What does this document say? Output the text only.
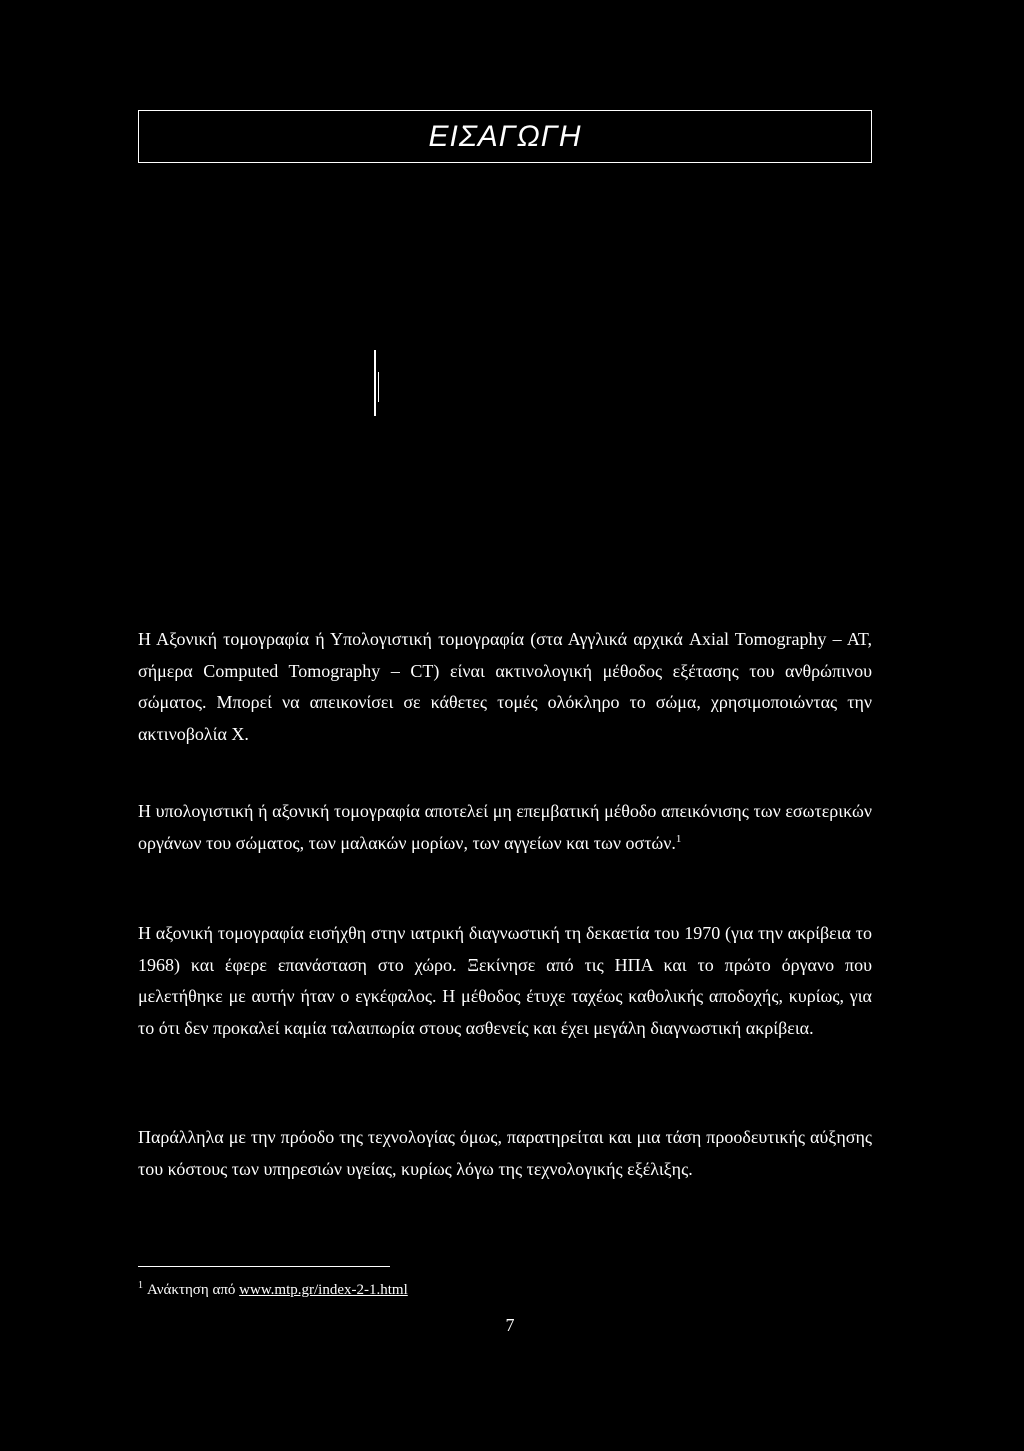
ΕΙΣΑΓΩΓΗ

Η Αξονική τομογραφία ή Υπολογιστική τομογραφία (στα Αγγλικά αρχικά Axial Tomography – AT, σήμερα Computed Tomography – CT) είναι ακτινολογική μέθοδος εξέτασης του ανθρώπινου σώματος. Μπορεί να απεικονίσει σε κάθετες τομές ολόκληρο το σώμα, χρησιμοποιώντας την ακτινοβολία Χ.

Η υπολογιστική ή αξονική τομογραφία αποτελεί μη επεμβατική μέθοδο απεικόνισης των εσωτερικών οργάνων του σώματος, των μαλακών μορίων, των αγγείων και των οστών.$^1$

Η αξονική τομογραφία εισήχθη στην ιατρική διαγνωστική τη δεκαετία του 1970 (για την ακρίβεια το 1968) και έφερε επανάσταση στο χώρο. Ξεκίνησε από τις ΗΠΑ και το πρώτο όργανο που μελετήθηκε με αυτήν ήταν ο εγκέφαλος. Η μέθοδος έτυχε ταχέως καθολικής αποδοχής, κυρίως, για το ότι δεν προκαλεί καμία ταλαιπωρία στους ασθενείς και έχει μεγάλη διαγνωστική ακρίβεια.

Παράλληλα με την πρόοδο της τεχνολογίας όμως, παρατηρείται και μια τάση προοδευτικής αύξησης του κόστους των υπηρεσιών υγείας, κυρίως λόγω της τεχνολογικής εξέλιξης.

$^1$ Ανάκτηση από www.mtp.gr/index-2-1.html
7
